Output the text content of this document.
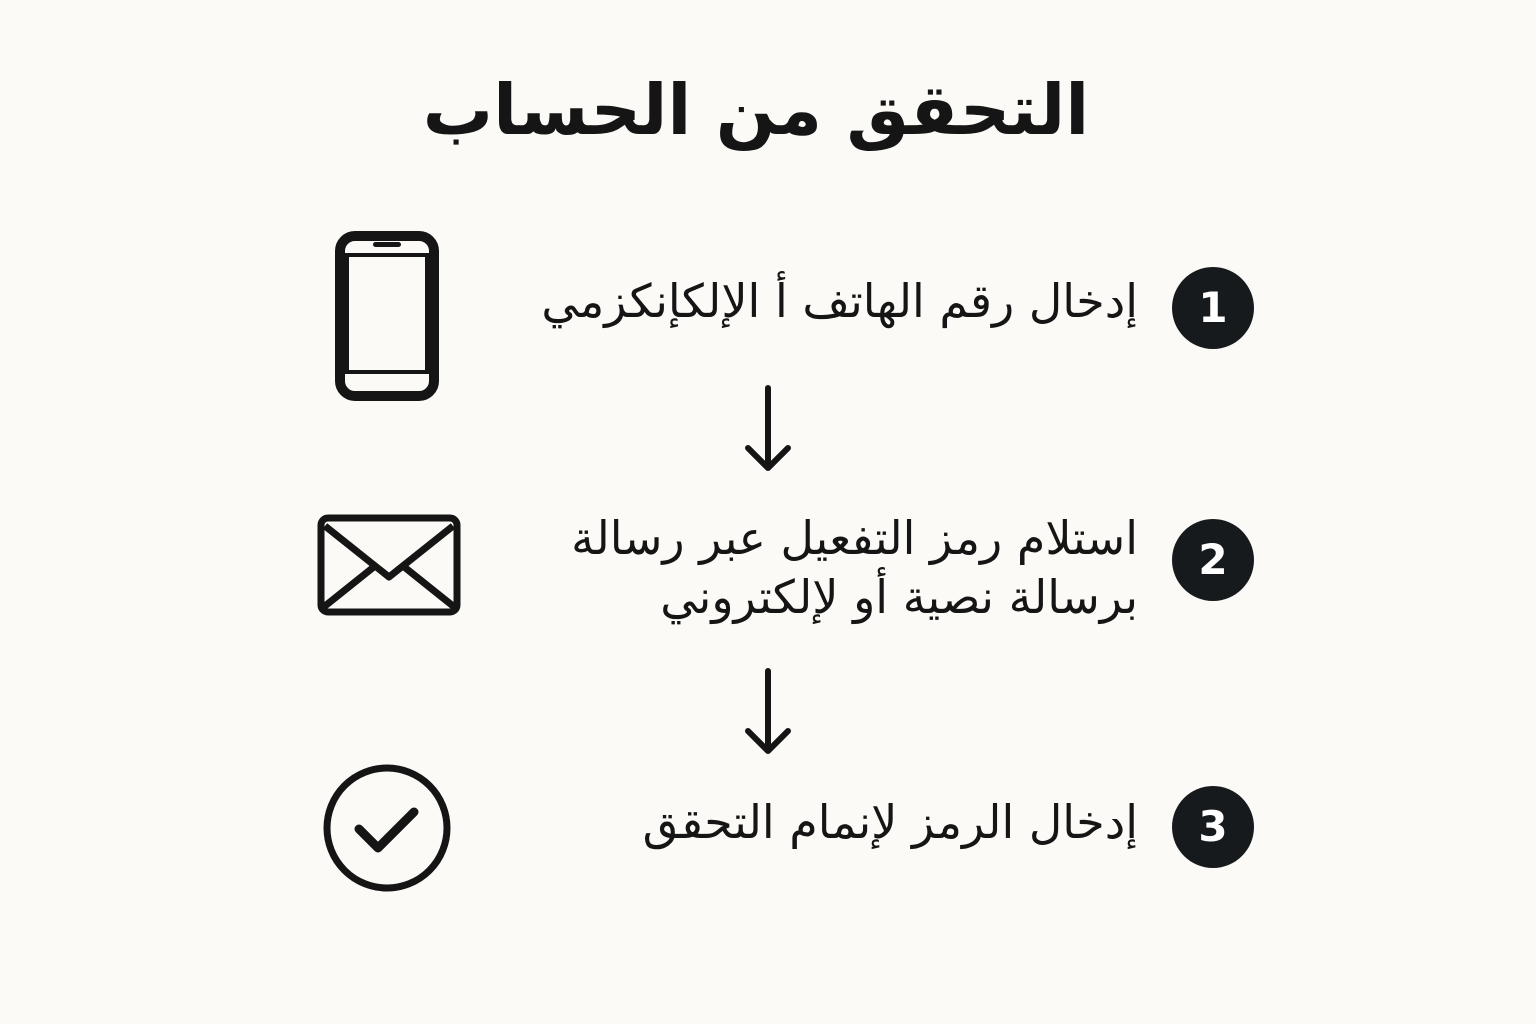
التحقق من الحساب
1
إدخال رقم الهاتف أ الإلكإنكزمي
2
استلام رمز التفعيل عبر رسالة
برسالة نصية أو لإلكتروني
3
إدخال الرمز لإنمام التحقق
